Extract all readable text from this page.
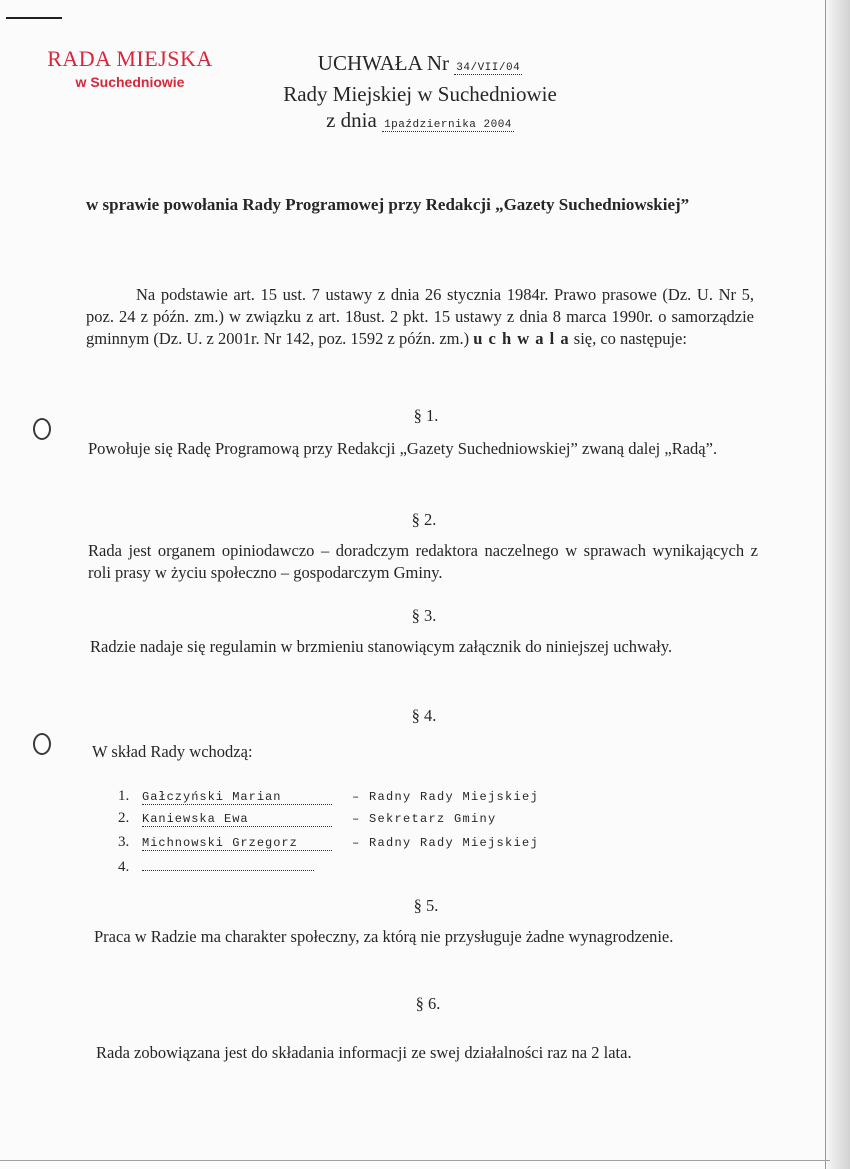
RADA MIEJSKA
w Suchedniowie
UCHWAŁA Nr 34/VII/04
Rady Miejskiej w Suchedniowie
z dnia 1października 2004
w sprawie powołania Rady Programowej przy Redakcji „Gazety Suchedniowskiej”
Na podstawie art. 15 ust. 7 ustawy z dnia 26 stycznia 1984r. Prawo prasowe (Dz. U. Nr 5, poz. 24 z późn. zm.) w związku z art. 18ust. 2 pkt. 15 ustawy z dnia 8 marca 1990r. o samorządzie gminnym (Dz. U. z 2001r. Nr 142, poz. 1592 z późn. zm.) u c h w a l a się, co następuje:
§ 1.
Powołuje się Radę Programową przy Redakcji „Gazety Suchedniowskiej” zwaną dalej „Radą”.
§ 2.
Rada jest organem opiniodawczo – doradczym redaktora naczelnego w sprawach wynikających z roli prasy w życiu społeczno – gospodarczym Gminy.
§ 3.
Radzie nadaje się regulamin w brzmieniu stanowiącym załącznik do niniejszej uchwały.
§ 4.
W skład Rady wchodzą:
1.	Gałczyński Marian	– Radny Rady Miejskiej
2.	Kaniewska Ewa	– Sekretarz Gminy
3.	Michnowski Grzegorz	– Radny Rady Miejskiej
4.
§ 5.
Praca w Radzie ma charakter społeczny, za którą nie przysługuje żadne wynagrodzenie.
§ 6.
Rada zobowiązana jest do składania informacji ze swej działalności raz na 2 lata.
